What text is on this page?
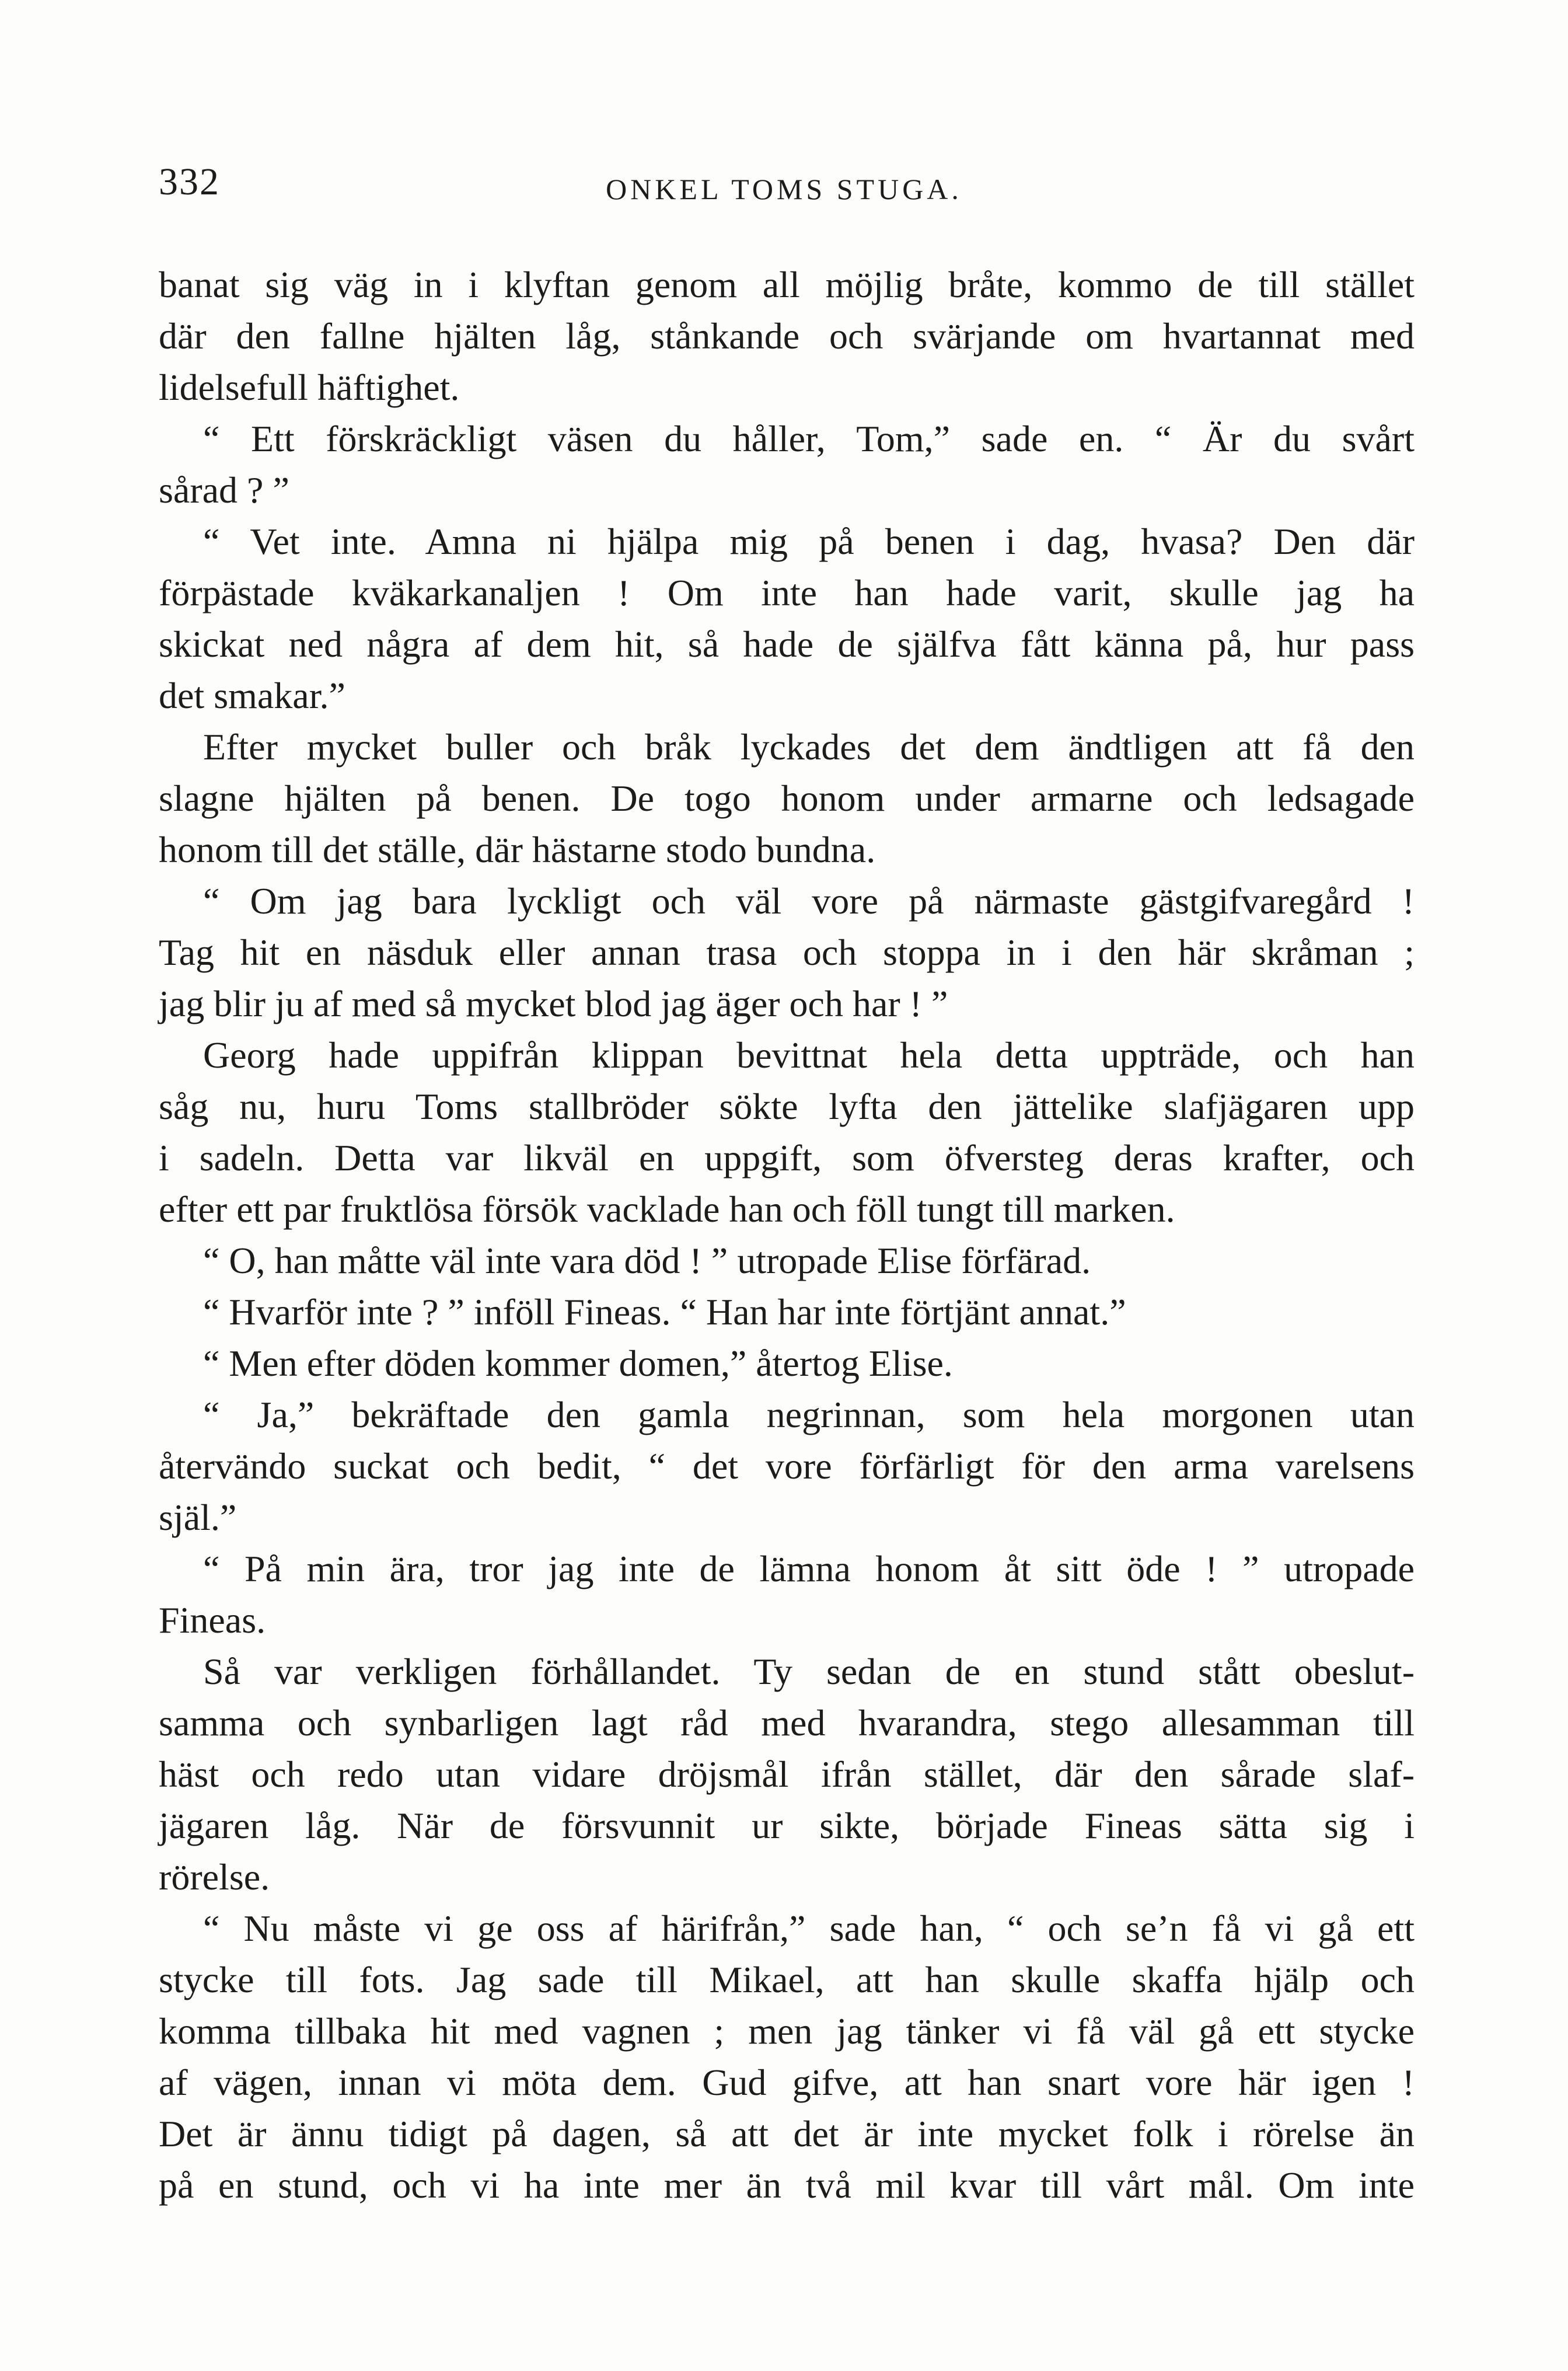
332	ONKEL TOMS STUGA.
banat sig väg in i klyftan genom all möjlig bråte, kommo de till stället
där den fallne hjälten låg, stånkande och svärjande om hvartannat med
lidelsefull häftighet.
“ Ett förskräckligt väsen du håller, Tom,” sade en. “ Är du svårt
sårad ? ”
“ Vet inte. Amna ni hjälpa mig på benen i dag, hvasa? Den där
förpästade kväkarkanaljen ! Om inte han hade varit, skulle jag ha
skickat ned några af dem hit, så hade de själfva fått känna på, hur pass
det smakar.”
Efter mycket buller och bråk lyckades det dem ändtligen att få den
slagne hjälten på benen. De togo honom under armarne och ledsagade
honom till det ställe, där hästarne stodo bundna.
“ Om jag bara lyckligt och väl vore på närmaste gästgifvaregård !
Tag hit en näsduk eller annan trasa och stoppa in i den här skråman ;
jag blir ju af med så mycket blod jag äger och har ! ”
Georg hade uppifrån klippan bevittnat hela detta uppträde, och han
såg nu, huru Toms stallbröder sökte lyfta den jättelike slafjägaren upp
i sadeln. Detta var likväl en uppgift, som öfversteg deras krafter, och
efter ett par fruktlösa försök vacklade han och föll tungt till marken.
“ O, han måtte väl inte vara död ! ” utropade Elise förfärad.
“ Hvarför inte ? ” inföll Fineas. “ Han har inte förtjänt annat.”
“ Men efter döden kommer domen,” återtog Elise.
“ Ja,” bekräftade den gamla negrinnan, som hela morgonen utan
återvändo suckat och bedit, “ det vore förfärligt för den arma varelsens
själ.”
“ På min ära, tror jag inte de lämna honom åt sitt öde ! ” utropade
Fineas.
Så var verkligen förhållandet. Ty sedan de en stund stått obeslut-
samma och synbarligen lagt råd med hvarandra, stego allesamman till
häst och redo utan vidare dröjsmål ifrån stället, där den sårade slaf-
jägaren låg. När de försvunnit ur sikte, började Fineas sätta sig i
rörelse.
“ Nu måste vi ge oss af härifrån,” sade han, “ och se’n få vi gå ett
stycke till fots. Jag sade till Mikael, att han skulle skaffa hjälp och
komma tillbaka hit med vagnen ; men jag tänker vi få väl gå ett stycke
af vägen, innan vi möta dem. Gud gifve, att han snart vore här igen !
Det är ännu tidigt på dagen, så att det är inte mycket folk i rörelse än
på en stund, och vi ha inte mer än två mil kvar till vårt mål. Om inte
